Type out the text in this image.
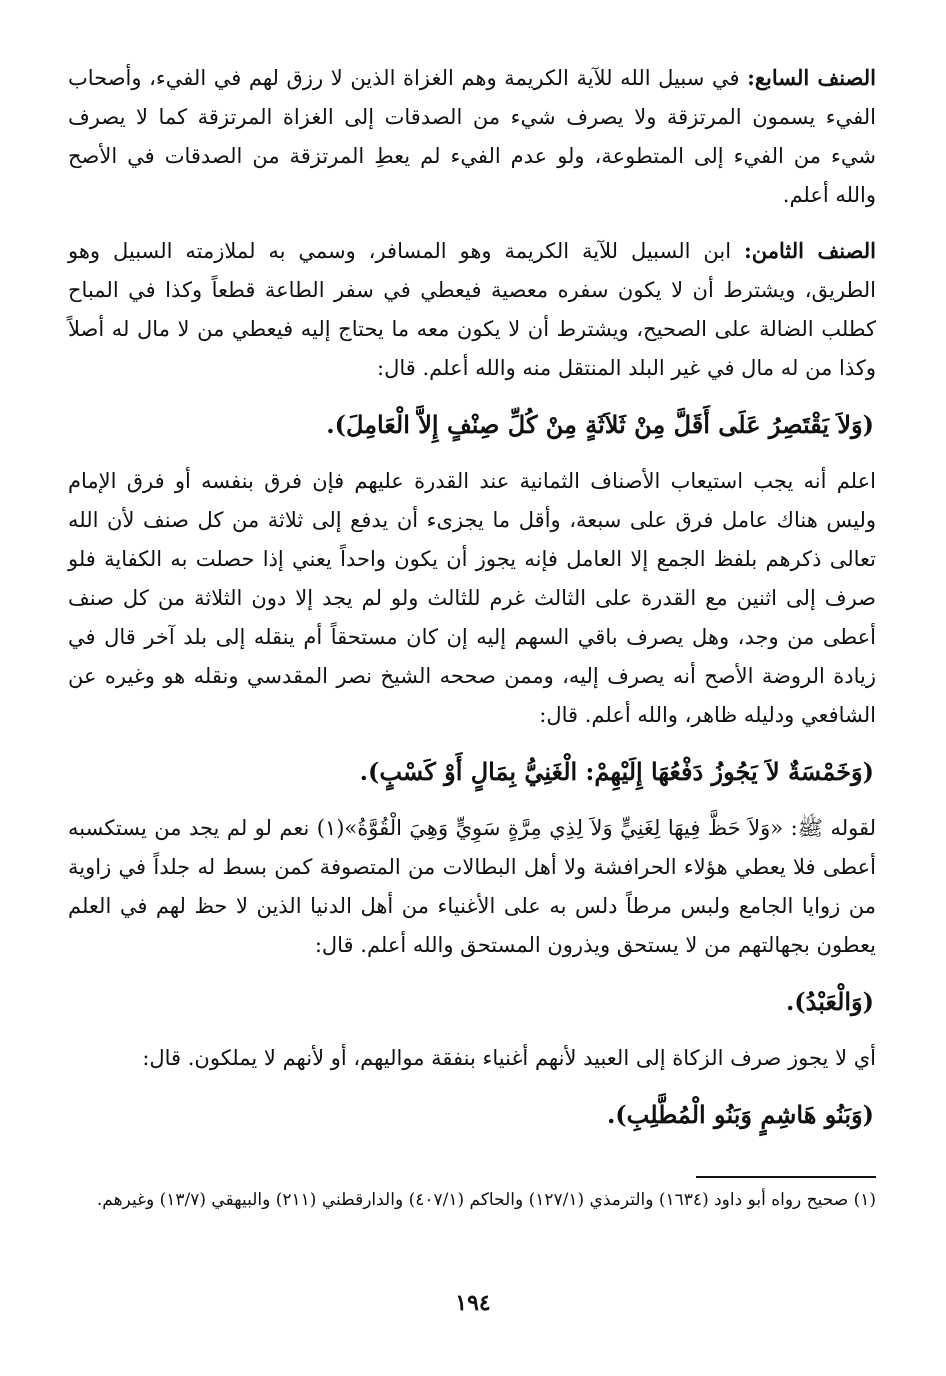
الصنف السابع: في سبيل الله للآية الكريمة وهم الغزاة الذين لا رزق لهم في الفيء، وأصحاب الفيء يسمون المرتزقة ولا يصرف شيء من الصدقات إلى الغزاة المرتزقة كما لا يصرف شيء من الفيء إلى المتطوعة، ولو عدم الفيء لم يعطِ المرتزقة من الصدقات في الأصح والله أعلم.

الصنف الثامن: ابن السبيل للآية الكريمة وهو المسافر، وسمي به لملازمته السبيل وهو الطريق، ويشترط أن لا يكون سفره معصية فيعطي في سفر الطاعة قطعاً وكذا في المباح كطلب الضالة على الصحيح، ويشترط أن لا يكون معه ما يحتاج إليه فيعطي من لا مال له أصلاً وكذا من له مال في غير البلد المنتقل منه والله أعلم. قال:

(وَلاَ يَقْتَصِرُ عَلَى أَقَلَّ مِنْ ثَلاَثَةٍ مِنْ كُلِّ صِنْفٍ إِلاَّ الْعَامِلَ).

اعلم أنه يجب استيعاب الأصناف الثمانية عند القدرة عليهم فإن فرق بنفسه أو فرق الإمام وليس هناك عامل فرق على سبعة، وأقل ما يجزىء أن يدفع إلى ثلاثة من كل صنف لأن الله تعالى ذكرهم بلفظ الجمع إلا العامل فإنه يجوز أن يكون واحداً يعني إذا حصلت به الكفاية فلو صرف إلى اثنين مع القدرة على الثالث غرم للثالث ولو لم يجد إلا دون الثلاثة من كل صنف أعطى من وجد، وهل يصرف باقي السهم إليه إن كان مستحقاً أم ينقله إلى بلد آخر قال في زيادة الروضة الأصح أنه يصرف إليه، وممن صححه الشيخ نصر المقدسي ونقله هو وغيره عن الشافعي ودليله ظاهر، والله أعلم. قال:

(وَخَمْسَةٌ لاَ يَجُوزُ دَفْعُهَا إِلَيْهِمْ: الْغَنِيُّ بِمَالٍ أَوْ كَسْبٍ).

لقوله ﷺ: «وَلاَ حَظَّ فِيهَا لِغَنِيٍّ وَلاَ لِذِي مِرَّةٍ سَوِيٍّ وَهِيَ الْقُوَّةُ»(١) نعم لو لم يجد من يستكسبه أعطى فلا يعطي هؤلاء الحرافشة ولا أهل البطالات من المتصوفة كمن بسط له جلداً في زاوية من زوايا الجامع ولبس مرطاً دلس به على الأغنياء من أهل الدنيا الذين لا حظ لهم في العلم يعطون بجهالتهم من لا يستحق ويذرون المستحق والله أعلم. قال:

(وَالْعَبْدُ).

أي لا يجوز صرف الزكاة إلى العبيد لأنهم أغنياء بنفقة مواليهم، أو لأنهم لا يملكون. قال:

(وَبَنُو هَاشِمٍ وَبَنُو الْمُطَّلِبِ).

(١) صحيح رواه أبو داود (١٦٣٤) والترمذي (١٢٧/١) والحاكم (٤٠٧/١) والدارقطني (٢١١) والبيهقي (١٣/٧) وغيرهم.

١٩٤
